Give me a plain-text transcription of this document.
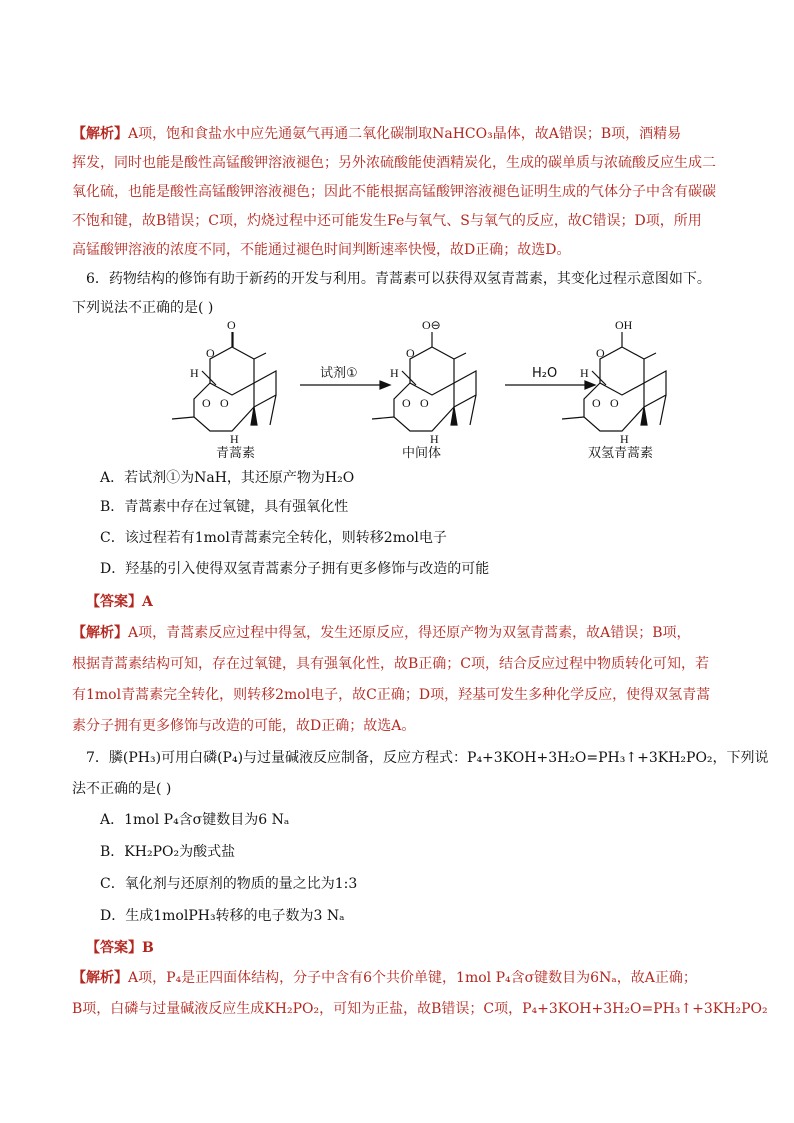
【解析】A项，饱和食盐水中应先通氨气再通二氧化碳制取NaHCO₃晶体，故A错误；B项，酒精易
挥发，同时也能是酸性高锰酸钾溶液褪色；另外浓硫酸能使酒精炭化，生成的碳单质与浓硫酸反应生成二
氧化硫，也能是酸性高锰酸钾溶液褪色；因此不能根据高锰酸钾溶液褪色证明生成的气体分子中含有碳碳
不饱和键，故B错误；C项，灼烧过程中还可能发生Fe与氧气、S与氧气的反应，故C错误；D项，所用
高锰酸钾溶液的浓度不同，不能通过褪色时间判断速率快慢，故D正确；故选D。
6．药物结构的修饰有助于新药的开发与利用。青蒿素可以获得双氢青蒿素，其变化过程示意图如下。
下列说法不正确的是( )
O
O
H
O O
H
O⊖
O
H
O O
H
OH
O
H
O O
H
试剂①	H₂O
青蒿素	中间体	双氢青蒿素
A．若试剂①为NaH，其还原产物为H₂O
B．青蒿素中存在过氧键，具有强氧化性
C．该过程若有1mol青蒿素完全转化，则转移2mol电子
D．羟基的引入使得双氢青蒿素分子拥有更多修饰与改造的可能
【答案】A
【解析】A项，青蒿素反应过程中得氢，发生还原反应，得还原产物为双氢青蒿素，故A错误；B项，
根据青蒿素结构可知，存在过氧键，具有强氧化性，故B正确；C项，结合反应过程中物质转化可知，若
有1mol青蒿素完全转化，则转移2mol电子，故C正确；D项，羟基可发生多种化学反应，使得双氢青蒿
素分子拥有更多修饰与改造的可能，故D正确；故选A。
7．膦(PH₃)可用白磷(P₄)与过量碱液反应制备，反应方程式：P₄+3KOH+3H₂O=PH₃↑+3KH₂PO₂，下列说
法不正确的是( )
A．1mol P₄含σ键数目为6 Nₐ
B．KH₂PO₂为酸式盐
C．氧化剂与还原剂的物质的量之比为1:3
D．生成1molPH₃转移的电子数为3 Nₐ
【答案】B
【解析】A项，P₄是正四面体结构，分子中含有6个共价单键，1mol P₄含σ键数目为6Nₐ，故A正确；
B项，白磷与过量碱液反应生成KH₂PO₂，可知为正盐，故B错误；C项，P₄+3KOH+3H₂O=PH₃↑+3KH₂PO₂
